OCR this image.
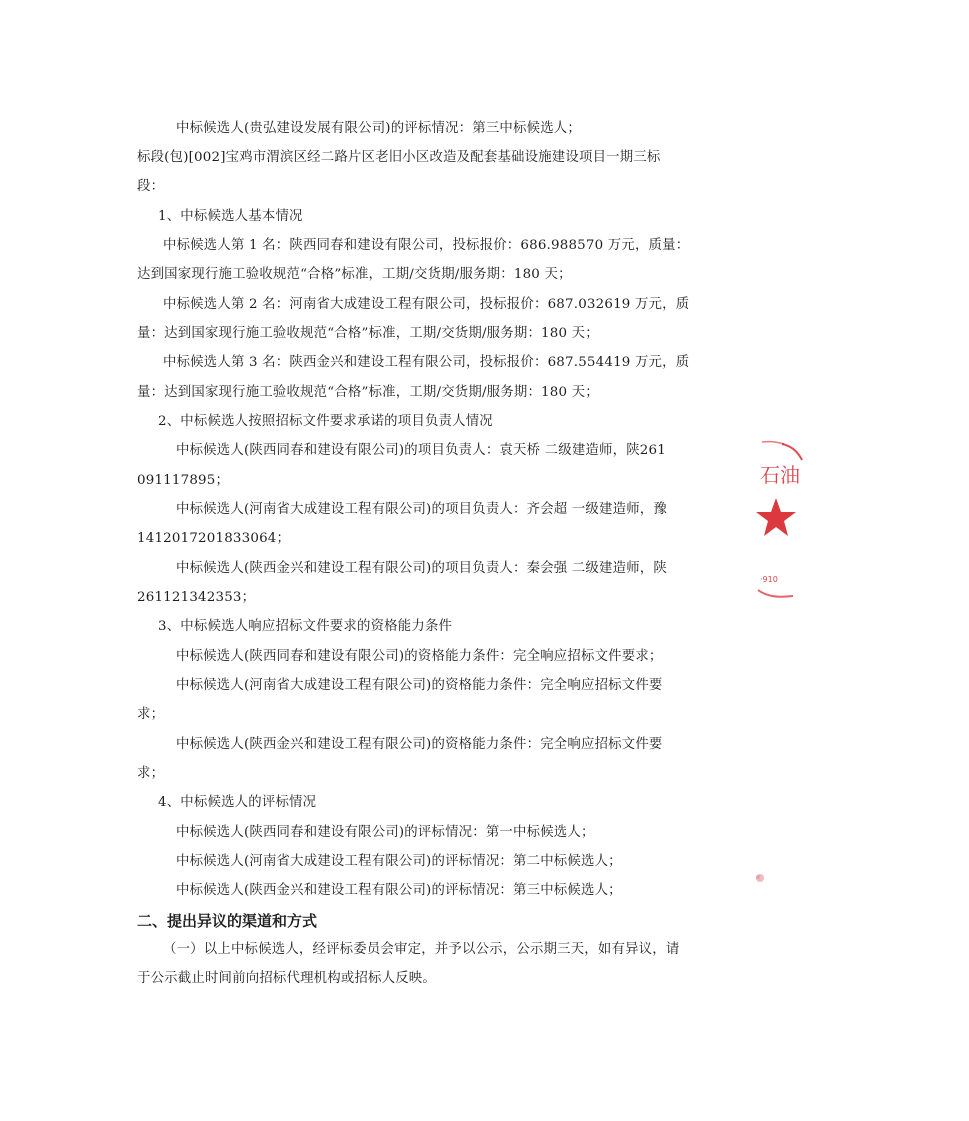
中标候选人(贵弘建设发展有限公司)的评标情况：第三中标候选人；
标段(包)[002]宝鸡市渭滨区经二路片区老旧小区改造及配套基础设施建设项目一期三标
段：
1、中标候选人基本情况
中标候选人第 1 名：陕西同春和建设有限公司，投标报价：686.988570 万元，质量：
达到国家现行施工验收规范“合格”标准，工期/交货期/服务期：180 天；
中标候选人第 2 名：河南省大成建设工程有限公司，投标报价：687.032619 万元，质
量：达到国家现行施工验收规范“合格”标准，工期/交货期/服务期：180 天；
中标候选人第 3 名：陕西金兴和建设工程有限公司，投标报价：687.554419 万元，质
量：达到国家现行施工验收规范“合格”标准，工期/交货期/服务期：180 天；
2、中标候选人按照招标文件要求承诺的项目负责人情况
中标候选人(陕西同春和建设有限公司)的项目负责人：袁天桥 二级建造师，陕261
091117895；
中标候选人(河南省大成建设工程有限公司)的项目负责人：齐会超 一级建造师，豫
1412017201833064；
中标候选人(陕西金兴和建设工程有限公司)的项目负责人：秦会强 二级建造师，陕
261121342353；
3、中标候选人响应招标文件要求的资格能力条件
中标候选人(陕西同春和建设有限公司)的资格能力条件：完全响应招标文件要求；
中标候选人(河南省大成建设工程有限公司)的资格能力条件：完全响应招标文件要
求；
中标候选人(陕西金兴和建设工程有限公司)的资格能力条件：完全响应招标文件要
求；
4、中标候选人的评标情况
中标候选人(陕西同春和建设有限公司)的评标情况：第一中标候选人；
中标候选人(河南省大成建设工程有限公司)的评标情况：第二中标候选人；
中标候选人(陕西金兴和建设工程有限公司)的评标情况：第三中标候选人；
二、提出异议的渠道和方式
（一）以上中标候选人，经评标委员会审定，并予以公示，公示期三天，如有异议，请
于公示截止时间前向招标代理机构或招标人反映。
石油
·910
